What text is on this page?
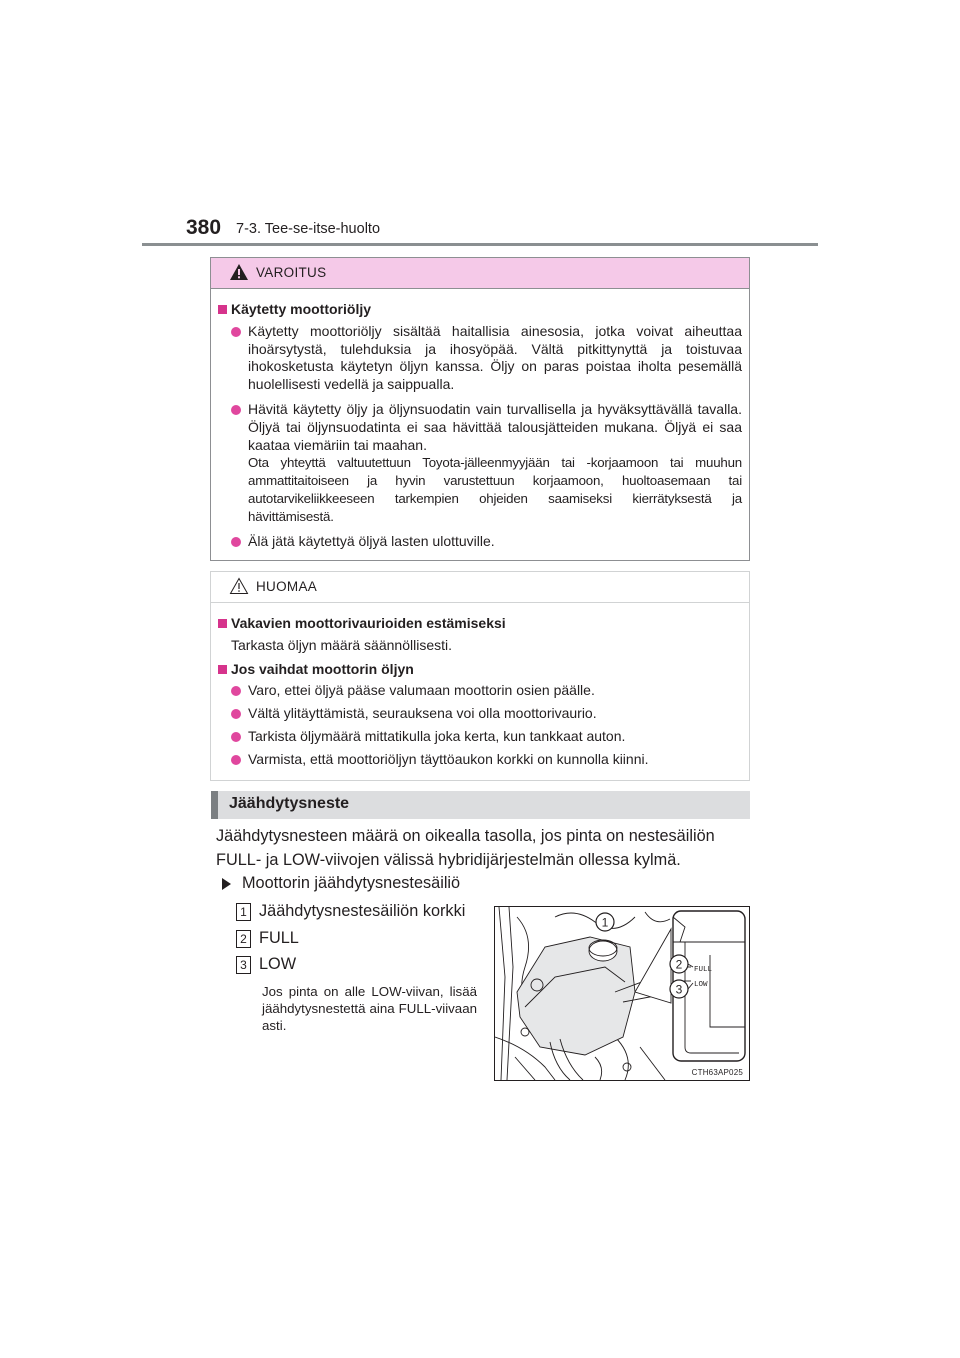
380 7-3. Tee-se-itse-huolto
VAROITUS
Käytetty moottoriöljy
Käytetty moottoriöljy sisältää haitallisia ainesosia, jotka voivat aiheuttaa ihoärsytystä, tulehduksia ja ihosyöpää. Vältä pitkittynyttä ja toistuvaa ihokosketusta käytetyn öljyn kanssa. Öljy on paras poistaa iholta pesemällä huolellisesti vedellä ja saippualla.
Hävitä käytetty öljy ja öljynsuodatin vain turvallisella ja hyväksyttävällä tavalla. Öljyä tai öljynsuodatinta ei saa hävittää talousjätteiden mukana. Öljyä ei saa kaataa viemäriin tai maahan.
Ota yhteyttä valtuutettuun Toyota-jälleenmyyjään tai -korjaamoon tai muuhun ammattitaitoiseen ja hyvin varustettuun korjaamoon, huoltoasemaan tai autotarvikeliikkeeseen tarkempien ohjeiden saamiseksi kierrätyksestä ja hävittämisestä.
Älä jätä käytettyä öljyä lasten ulottuville.
HUOMAA
Vakavien moottorivaurioiden estämiseksi
Tarkasta öljyn määrä säännöllisesti.
Jos vaihdat moottorin öljyn
Varo, ettei öljyä pääse valumaan moottorin osien päälle.
Vältä ylitäyttämistä, seurauksena voi olla moottorivaurio.
Tarkista öljymäärä mittatikulla joka kerta, kun tankkaat auton.
Varmista, että moottoriöljyn täyttöaukon korkki on kunnolla kiinni.
Jäähdytysneste
Jäähdytysnesteen määrä on oikealla tasolla, jos pinta on nestesäiliön FULL- ja LOW-viivojen välissä hybridijärjestelmän ollessa kylmä.
Moottorin jäähdytysnestesäiliö
1 Jäähdytysnestesäiliön korkki
2 FULL
3 LOW
Jos pinta on alle LOW-viivan, lisää jäähdytysnestettä aina FULL-viivaan asti.
FULL
LOW
1
2
3
CTH63AP025
